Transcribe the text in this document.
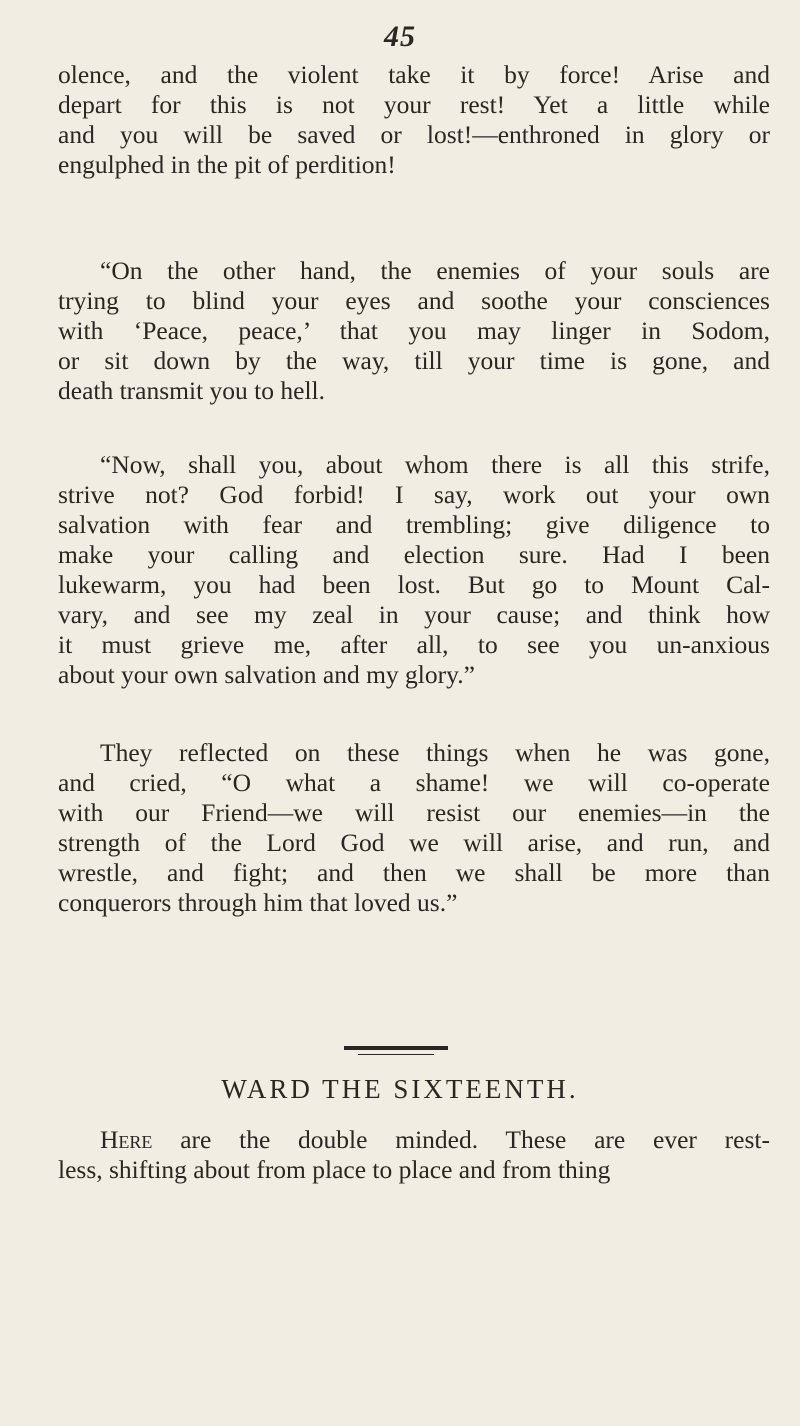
45
olence, and the violent take it by force! Arise and
depart for this is not your rest! Yet a little while
and you will be saved or lost!—enthroned in glory or
engulphed in the pit of perdition!
“On the other hand, the enemies of your souls are
trying to blind your eyes and soothe your consciences
with ‘Peace, peace,’ that you may linger in Sodom,
or sit down by the way, till your time is gone, and
death transmit you to hell.
“Now, shall you, about whom there is all this strife,
strive not? God forbid! I say, work out your own
salvation with fear and trembling; give diligence to
make your calling and election sure. Had I been
lukewarm, you had been lost. But go to Mount Cal-
vary, and see my zeal in your cause; and think how
it must grieve me, after all, to see you un-anxious
about your own salvation and my glory.”
They reflected on these things when he was gone,
and cried, “O what a shame! we will co-operate
with our Friend—we will resist our enemies—in the
strength of the Lord God we will arise, and run, and
wrestle, and fight; and then we shall be more than
conquerors through him that loved us.”
WARD THE SIXTEENTH.
Here are the double minded. These are ever rest-
less, shifting about from place to place and from thing
